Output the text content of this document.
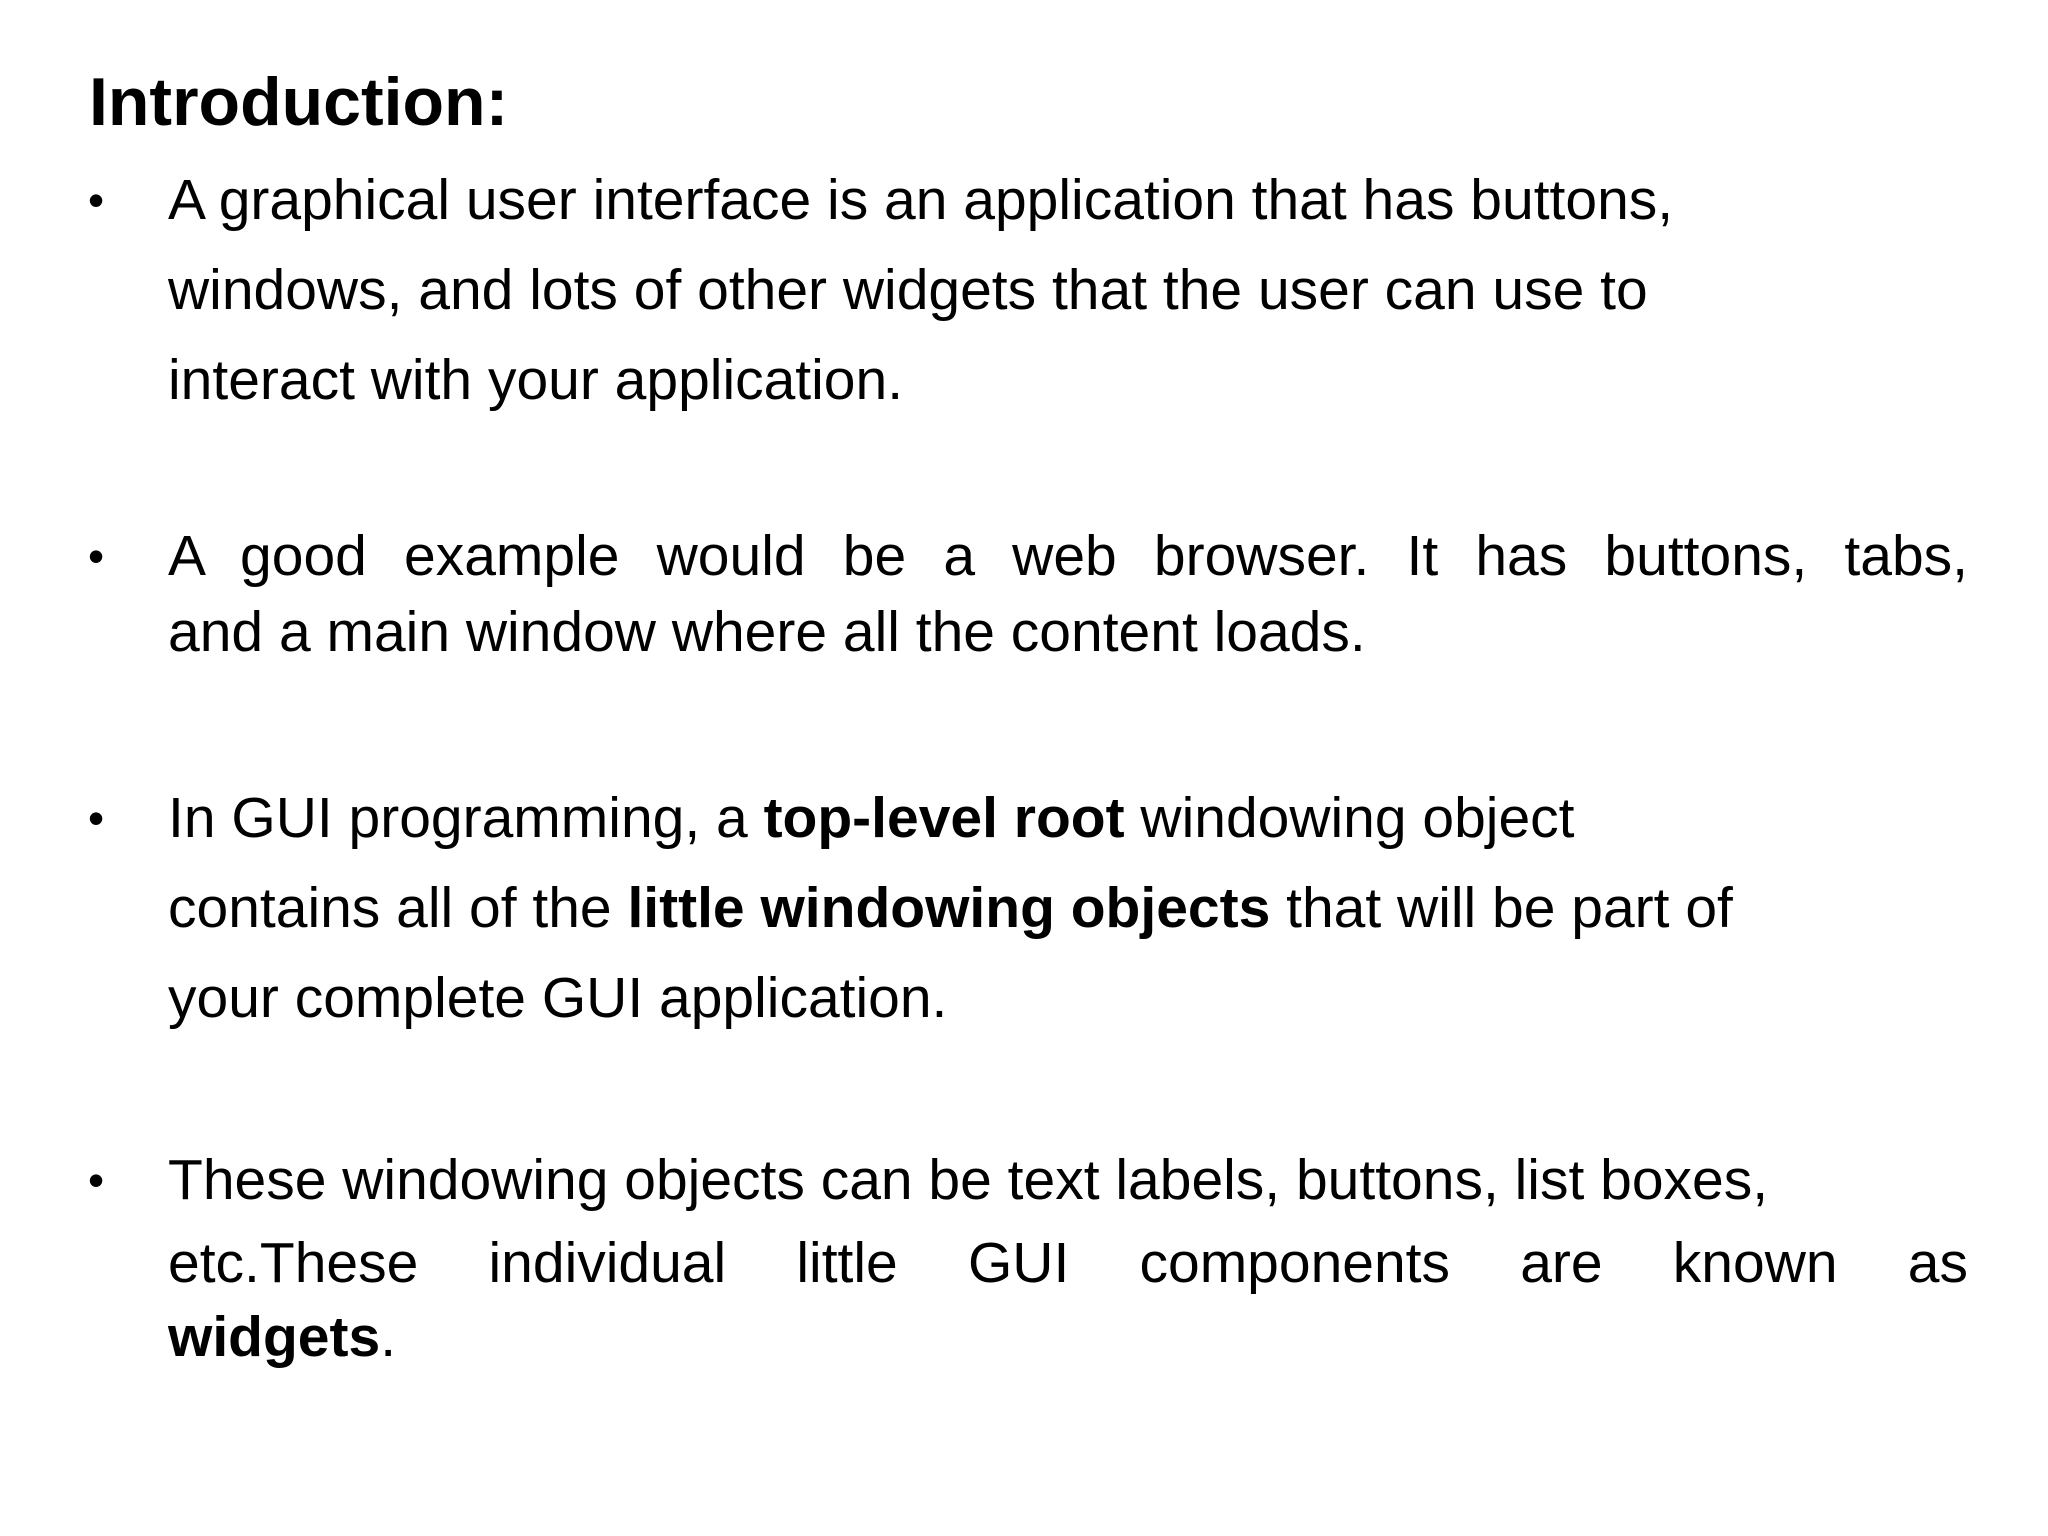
Introduction:
• A graphical user interface is an application that has buttons,
windows, and lots of other widgets that the user can use to
interact with your application.
• A good example would be a web browser. It has buttons, tabs,
and a main window where all the content loads.
• In GUI programming, a top-level root windowing object
contains all of the little windowing objects that will be part of
your complete GUI application.
• These windowing objects can be text labels, buttons, list boxes,
etc.These individual little GUI components are known as
widgets.
